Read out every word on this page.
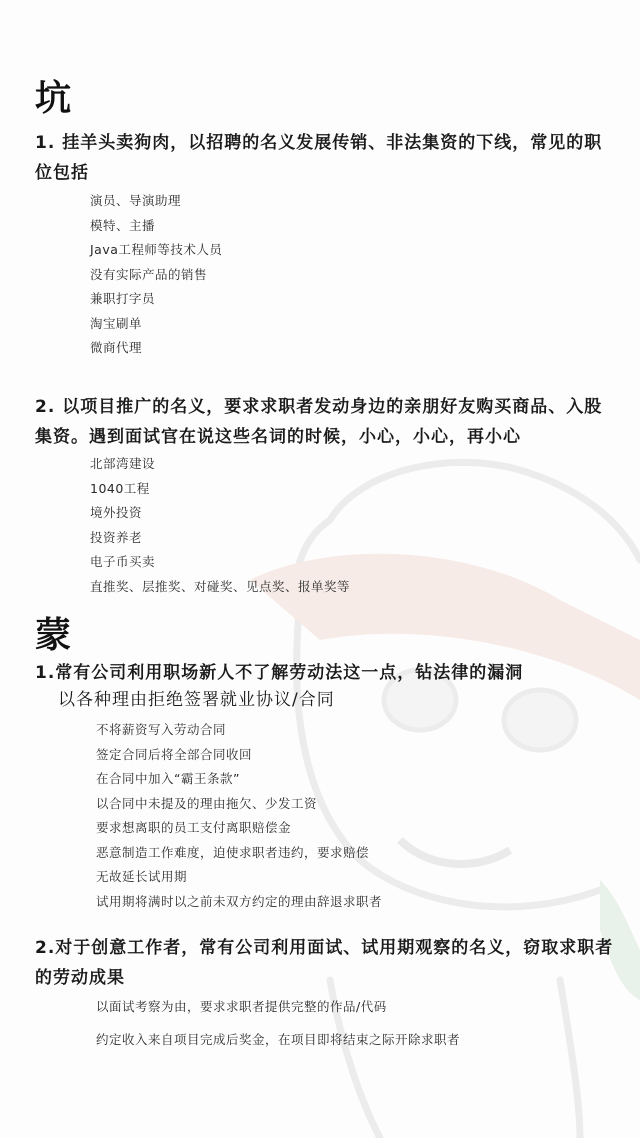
坑

1. 挂羊头卖狗肉，以招聘的名义发展传销、非法集资的下线，常见的职位包括

演员、导演助理
模特、主播
Java工程师等技术人员
没有实际产品的销售
兼职打字员
淘宝刷单
微商代理

2. 以项目推广的名义，要求求职者发动身边的亲朋好友购买商品、入股集资。遇到面试官在说这些名词的时候，小心，小心，再小心

北部湾建设
1040工程
境外投资
投资养老
电子币买卖
直推奖、层推奖、对碰奖、见点奖、报单奖等
蒙

1.常有公司利用职场新人不了解劳动法这一点，钻法律的漏洞

以各种理由拒绝签署就业协议/合同

不将薪资写入劳动合同
签定合同后将全部合同收回
在合同中加入“霸王条款”
以合同中未提及的理由拖欠、少发工资
要求想离职的员工支付离职赔偿金
恶意制造工作难度，迫使求职者违约，要求赔偿
无故延长试用期
试用期将满时以之前未双方约定的理由辞退求职者

2.对于创意工作者，常有公司利用面试、试用期观察的名义，窃取求职者的劳动成果

以面试考察为由，要求求职者提供完整的作品/代码
约定收入来自项目完成后奖金，在项目即将结束之际开除求职者
